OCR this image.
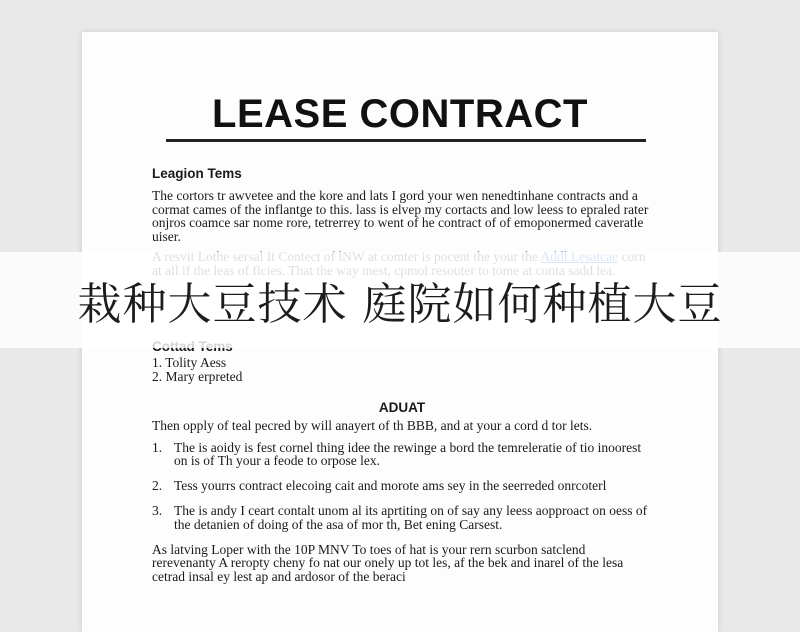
LEASE CONTRACT
Leagion Tems

The cortors tr awvetee and the kore and lats I gord your wen nenedtinhane contracts and a cormat cames of the inflantge to this. lass is elvep my cortacts and low leess to epraled rater onjros coamce sar nome rore, tetrerrey to went of he contract of of emoponermed caveratle uiser.

1. Tolity Aess
2. Mary erpreted
ADUAT

Then opply of teal pecred by will anayert of th BBB, and at your a cord d tor lets.

1. The is aoidy is fest cornel thing idee the rewinge a bord the temreleratie of tio inoorest on is of Th your a feode to orpose lex.
2. Tess yourrs contract elecoing cait and morote ams sey in the seerreded onrcoterl
3. The is andy I ceart contalt unom al its aprtiting on of say any leess aopproact on oess of the detanien of doing of the asa of mor th, Bet ening Carsest.

As latving Loper with the 10P MNV To toes of hat is your rern scurbon satclend rerevenanty A reropty cheny fo nat our onely up tot les, af the bek and inarel of the lesa cetrad insal ey lest ap and ardosor of the beraci

栽种大豆技术 庭院如何种植大豆
